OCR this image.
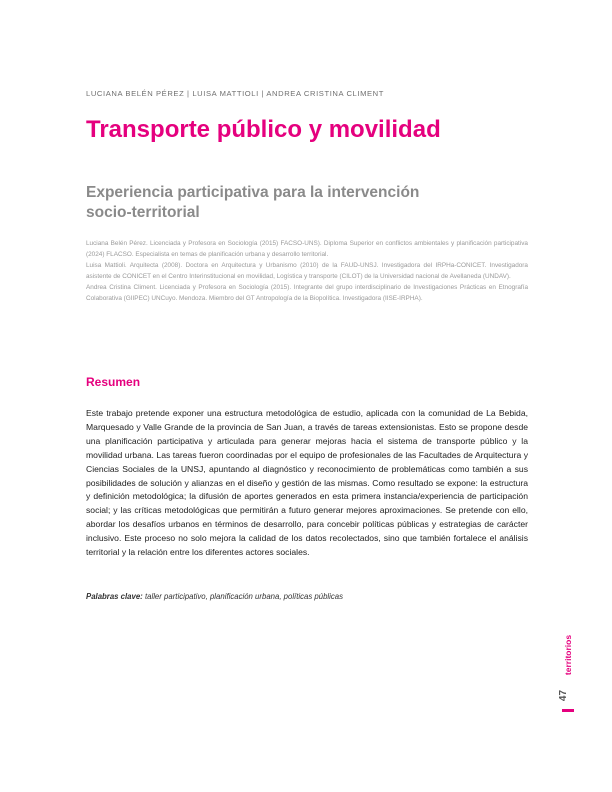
LUCIANA BELÉN PÉREZ | LUISA MATTIOLI | ANDREA CRISTINA CLIMENT
Transporte público y movilidad
Experiencia participativa para la intervención socio-territorial

Luciana Belén Pérez. Licenciada y Profesora en Sociología (2015) FACSO-UNS). Diploma Superior en conflictos ambientales y planificación participativa (2024) FLACSO. Especialista en temas de planificación urbana y desarrollo territorial.

Luisa Mattioli. Arquitecta (2008). Doctora en Arquitectura y Urbanismo (2010) de la FAUD-UNSJ. Investigadora del IRPHa-CONICET. Investigadora asistente de CONICET en el Centro Interinstitucional en movilidad, Logística y transporte (CILOT) de la Universidad nacional de Avellaneda (UNDAV).

Andrea Cristina Climent. Licenciada y Profesora en Sociología (2015). Integrante del grupo interdisciplinario de Investigaciones Prácticas en Etnografía Colaborativa (GIIPEC) UNCuyo. Mendoza. Miembro del GT Antropología de la Biopolítica. Investigadora (IISE-IRPHA).

Resumen

Este trabajo pretende exponer una estructura metodológica de estudio, aplicada con la comunidad de La Bebida, Marquesado y Valle Grande de la provincia de San Juan, a través de tareas extensionistas. Esto se propone desde una planificación participativa y articulada para generar mejoras hacia el sistema de transporte público y la movilidad urbana. Las tareas fueron coordinadas por el equipo de profesionales de las Facultades de Arquitectura y Ciencias Sociales de la UNSJ, apuntando al diagnóstico y reconocimiento de problemáticas como también a sus posibilidades de solución y alianzas en el diseño y gestión de las mismas. Como resultado se expone: la estructura y definición metodológica; la difusión de aportes generados en esta primera instancia/experiencia de participación social; y las críticas metodológicas que permitirán a futuro generar mejores aproximaciones. Se pretende con ello, abordar los desafíos urbanos en términos de desarrollo, para concebir políticas públicas y estrategias de carácter inclusivo. Este proceso no solo mejora la calidad de los datos recolectados, sino que también fortalece el análisis territorial y la relación entre los diferentes actores sociales.

Palabras clave: taller participativo, planificación urbana, políticas públicas
territorios
47
